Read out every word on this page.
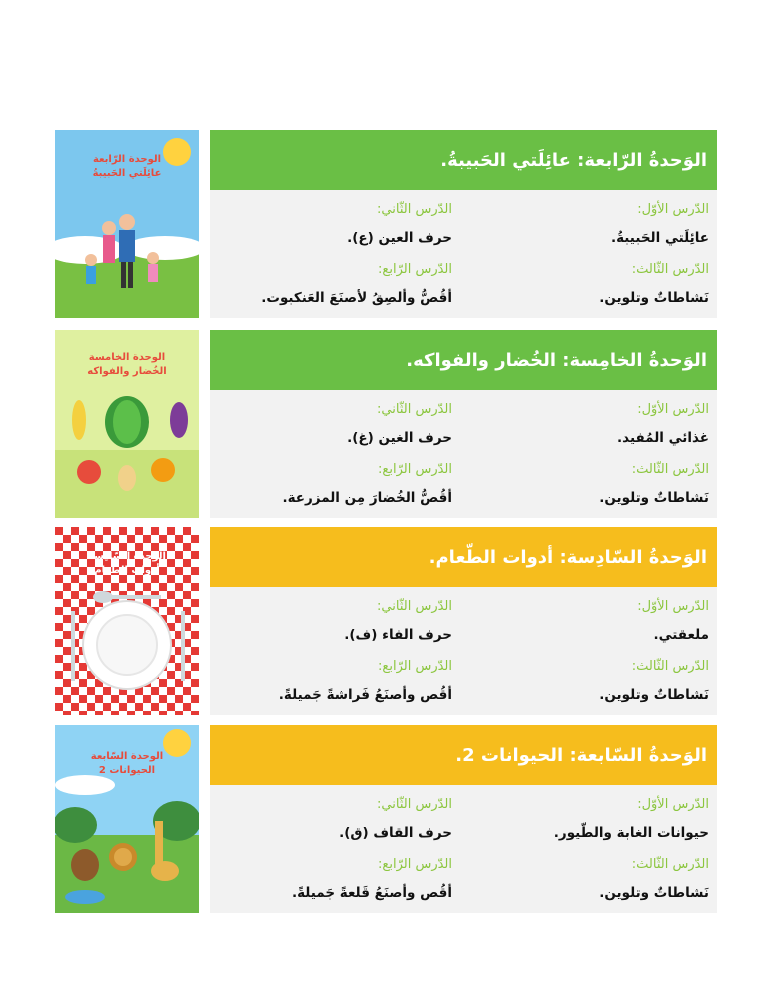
الوحدة الرّابعة
عائِلَتي الحَبيبةُ
الوَحدةُ الرّابعة: عائِلَتي الحَبيبةُ.
الدّرس الأوّل:
عائِلَتي الحَبيبةُ.
الدّرس الثّاني:
حرف العين (ع).
الدّرس الثّالث:
نَشاطاتٌ وتلوين.
الدّرس الرّابع:
أقُصُّ وألصِقُ لأصنَعَ العَنكبوت.
الوحدة الخامسة
الخُضار والفواكه
الوَحدةُ الخامِسة: الخُضار والفواكه.
الدّرس الأوّل:
غذائي المُفيد.
الدّرس الثّاني:
حرف الغين (غ).
الدّرس الثّالث:
نَشاطاتٌ وتلوين.
الدّرس الرّابع:
أقُصُّ الخُضارَ مِن المزرعة.
الوحدة السّادِسة
أدوات الطّعام
الوَحدةُ السّادِسة: أدوات الطّعام.
الدّرس الأوّل:
ملعقتي.
الدّرس الثّاني:
حرف الفاء (ف).
الدّرس الثّالث:
نَشاطاتٌ وتلوين.
الدّرس الرّابع:
أقُص وأصنَعُ فَراشةً جَميلةً.
الوحدة السّابعة
الحيوانات 2
الوَحدةُ السّابعة: الحيوانات 2.
الدّرس الأوّل:
حيوانات الغابة والطّيور.
الدّرس الثّاني:
حرف القاف (ق).
الدّرس الثّالث:
نَشاطاتٌ وتلوين.
الدّرس الرّابع:
أقُص وأصنَعُ قَلعةً جَميلةً.
